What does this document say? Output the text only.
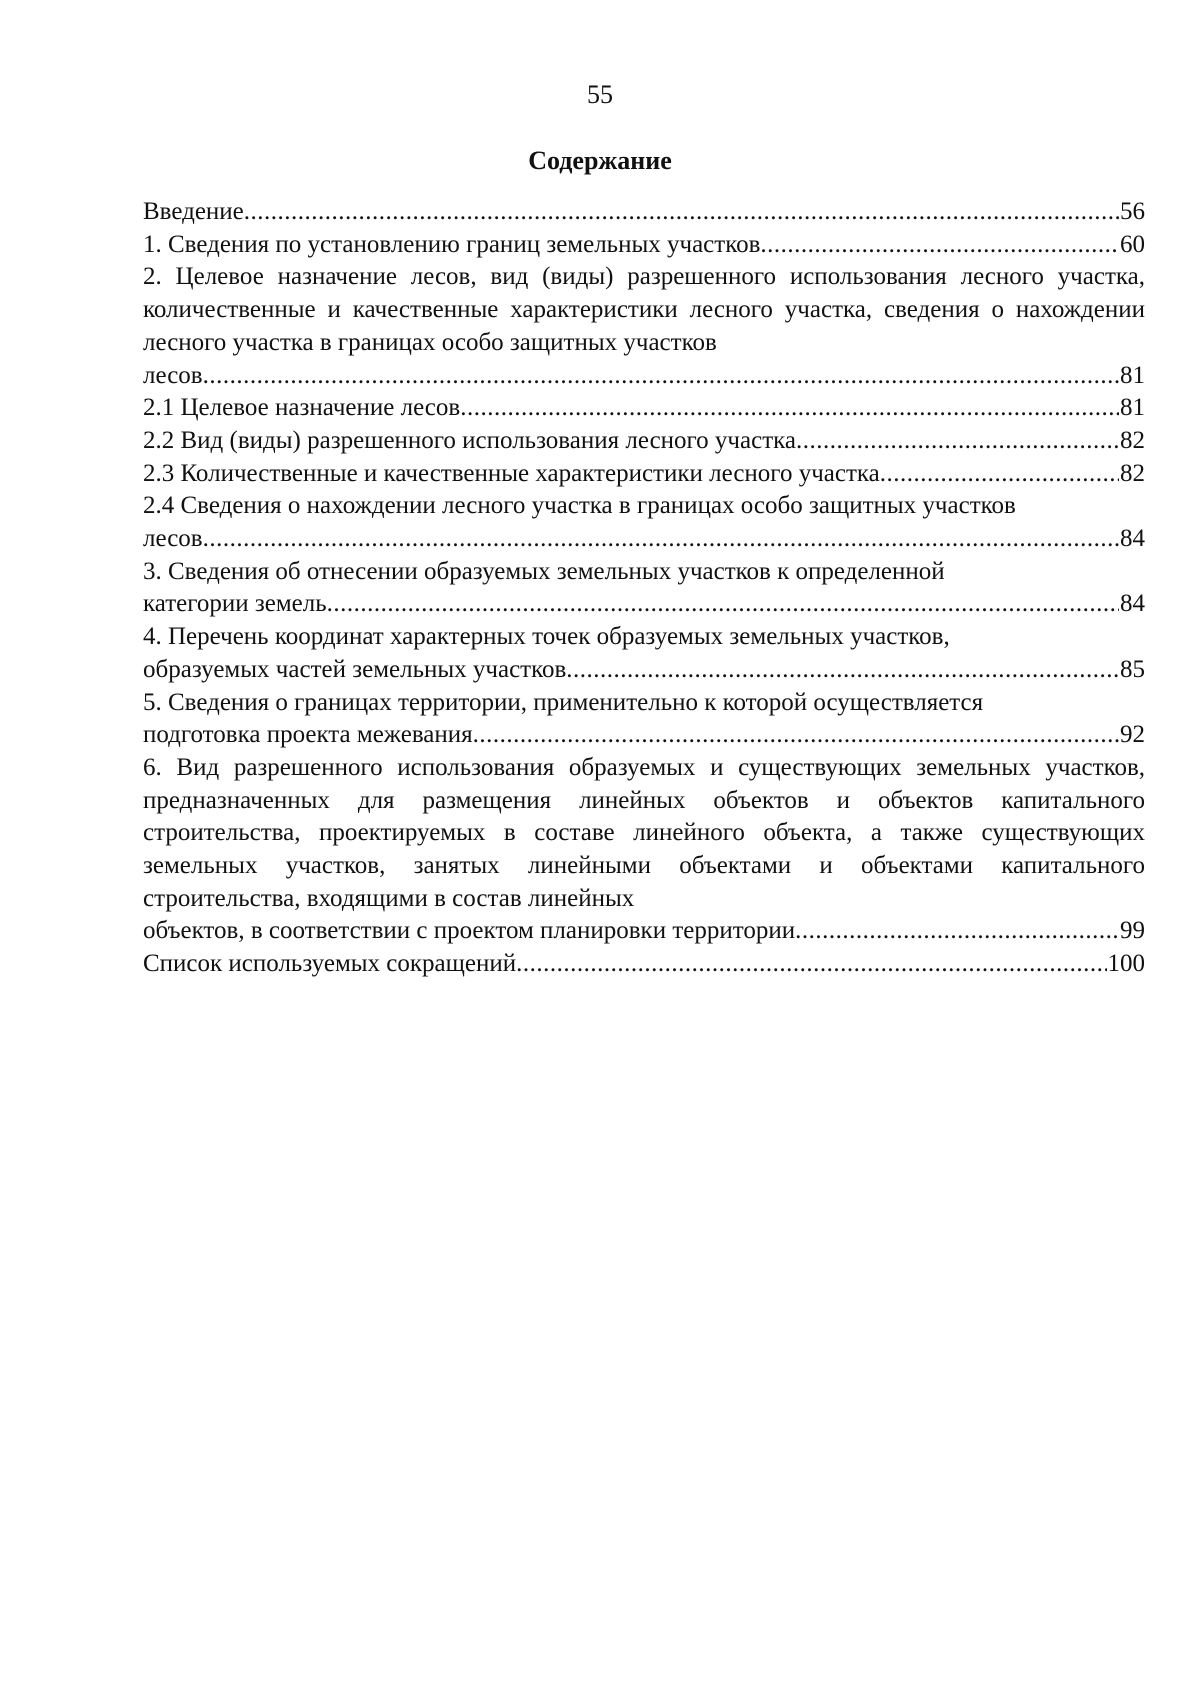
55
Содержание
Введение .....	56
1. Сведения по установлению границ земельных участков .....	60
2. Целевое назначение лесов, вид (виды) разрешенного использования лесного участка, количественные и качественные характеристики лесного участка, сведения о нахождении лесного участка в границах особо защитных участков
лесов .....	81
2.1 Целевое назначение лесов .....	81
2.2 Вид (виды) разрешенного использования лесного участка .....	82
2.3 Количественные и качественные характеристики лесного участка .....	82
2.4 Сведения о нахождении лесного участка в границах особо защитных участков
лесов .....	84
3. Сведения об отнесении образуемых земельных участков к определенной
категории земель .....	84
4. Перечень координат характерных точек образуемых земельных участков,
образуемых частей земельных участков .....	85
5. Сведения о границах территории, применительно к которой осуществляется
подготовка проекта межевания .....	92
6. Вид разрешенного использования образуемых и существующих земельных участков, предназначенных для размещения линейных объектов и объектов капитального строительства, проектируемых в составе линейного объекта, а также существующих земельных участков, занятых линейными объектами и объектами капитального строительства, входящими в состав линейных
объектов, в соответствии с проектом планировки территории .....	99
Список используемых сокращений .....	100
